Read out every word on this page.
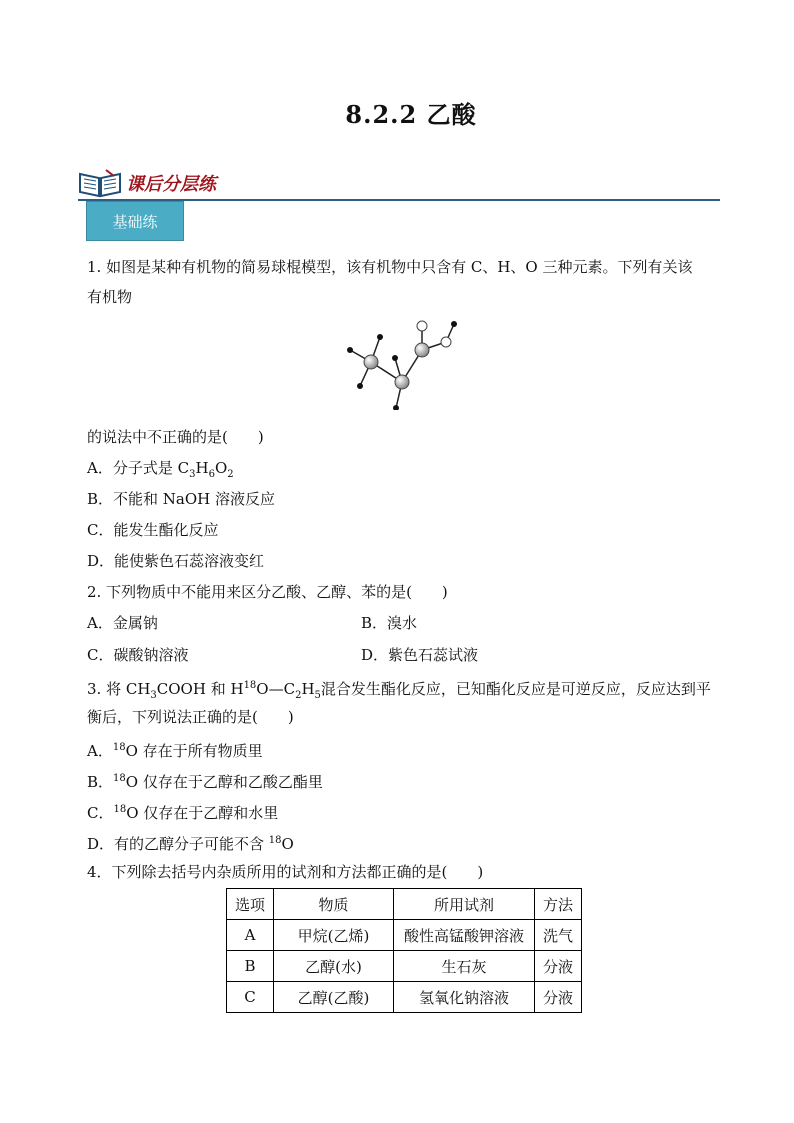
8.2.2 乙酸
课后分层练
基础练
1. 如图是某种有机物的简易球棍模型，该有机物中只含有 C、H、O 三种元素。下列有关该
有机物
的说法中不正确的是(　　)
A．分子式是 $C_3H_6O_2$
B．不能和 NaOH 溶液反应
C．能发生酯化反应
D．能使紫色石蕊溶液变红
2. 下列物质中不能用来区分乙酸、乙醇、苯的是(　　)
A．金属钠	B．溴水
C．碳酸钠溶液	D．紫色石蕊试液
3. 将 $CH_3COOH$ 和 $H^{18}O—C_2H_5$混合发生酯化反应，已知酯化反应是可逆反应，反应达到平
衡后，下列说法正确的是(　　)
A．$^{18}$O 存在于所有物质里
B．$^{18}$O 仅存在于乙醇和乙酸乙酯里
C．$^{18}$O 仅存在于乙醇和水里
D．有的乙醇分子可能不含 $^{18}$O
4．下列除去括号内杂质所用的试剂和方法都正确的是(　　)
选项	物质	所用试剂	方法
A	甲烷(乙烯)	酸性高锰酸钾溶液	洗气
B	乙醇(水)	生石灰	分液
C	乙醇(乙酸)	氢氧化钠溶液	分液
